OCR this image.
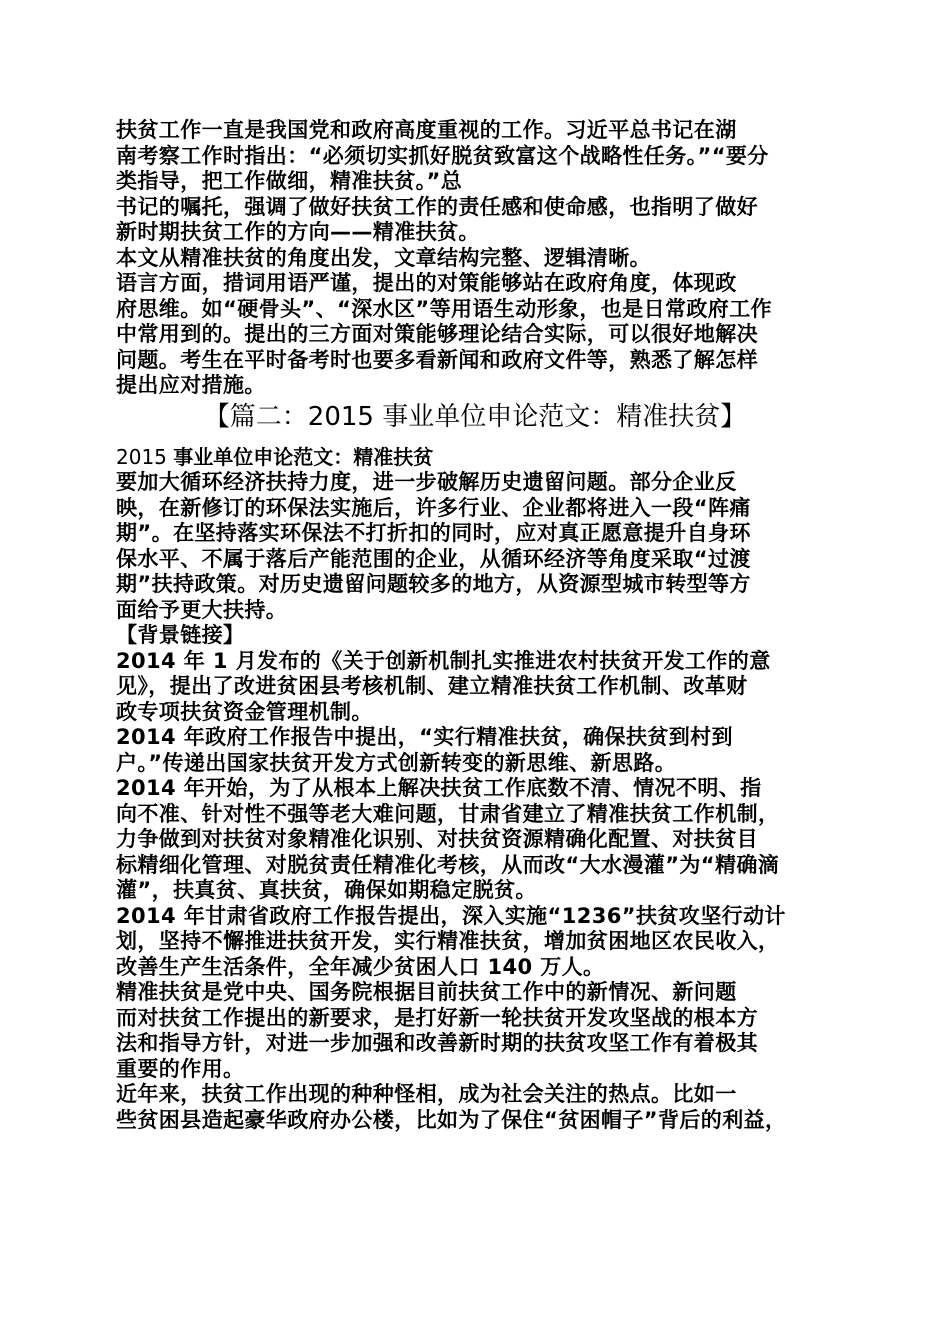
扶贫工作一直是我国党和政府高度重视的工作。习近平总书记在湖
南考察工作时指出：“必须切实抓好脱贫致富这个战略性任务。”“要分
类指导，把工作做细，精准扶贫。”总
书记的嘱托，强调了做好扶贫工作的责任感和使命感，也指明了做好
新时期扶贫工作的方向——精准扶贫。
本文从精准扶贫的角度出发，文章结构完整、逻辑清晰。
语言方面，措词用语严谨，提出的对策能够站在政府角度，体现政
府思维。如“硬骨头”、“深水区”等用语生动形象，也是日常政府工作
中常用到的。提出的三方面对策能够理论结合实际，可以很好地解决
问题。考生在平时备考时也要多看新闻和政府文件等，熟悉了解怎样
提出应对措施。
【篇二：2015 事业单位申论范文：精准扶贫】
2015 事业单位申论范文：精准扶贫
要加大循环经济扶持力度，进一步破解历史遗留问题。部分企业反
映，在新修订的环保法实施后，许多行业、企业都将进入一段“阵痛
期”。在坚持落实环保法不打折扣的同时，应对真正愿意提升自身环
保水平、不属于落后产能范围的企业，从循环经济等角度采取“过渡
期”扶持政策。对历史遗留问题较多的地方，从资源型城市转型等方
面给予更大扶持。
【背景链接】
2014 年 1 月发布的《关于创新机制扎实推进农村扶贫开发工作的意
见》，提出了改进贫困县考核机制、建立精准扶贫工作机制、改革财
政专项扶贫资金管理机制。
2014 年政府工作报告中提出，“实行精准扶贫，确保扶贫到村到
户。”传递出国家扶贫开发方式创新转变的新思维、新思路。
2014 年开始，为了从根本上解决扶贫工作底数不清、情况不明、指
向不准、针对性不强等老大难问题，甘肃省建立了精准扶贫工作机制，
力争做到对扶贫对象精准化识别、对扶贫资源精确化配置、对扶贫目
标精细化管理、对脱贫责任精准化考核，从而改“大水漫灌”为“精确滴
灌”，扶真贫、真扶贫，确保如期稳定脱贫。
2014 年甘肃省政府工作报告提出，深入实施“1236”扶贫攻坚行动计
划，坚持不懈推进扶贫开发，实行精准扶贫，增加贫困地区农民收入，
改善生产生活条件，全年减少贫困人口 140 万人。
精准扶贫是党中央、国务院根据目前扶贫工作中的新情况、新问题
而对扶贫工作提出的新要求，是打好新一轮扶贫开发攻坚战的根本方
法和指导方针，对进一步加强和改善新时期的扶贫攻坚工作有着极其
重要的作用。
近年来，扶贫工作出现的种种怪相，成为社会关注的热点。比如一
些贫困县造起豪华政府办公楼，比如为了保住“贫困帽子”背后的利益，
